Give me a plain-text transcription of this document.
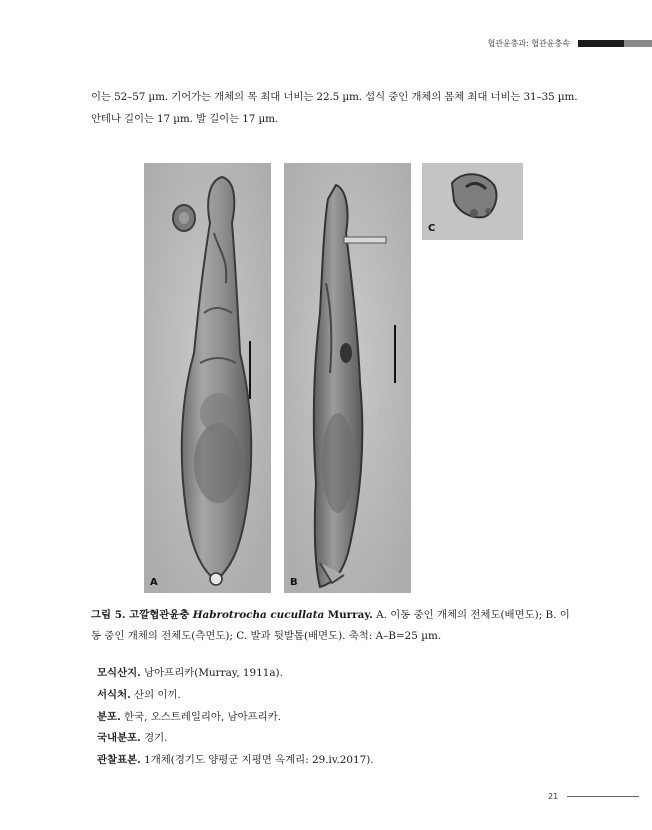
협관윤충과: 협관윤충속
이는 52–57 µm. 기어가는 개체의 목 최대 너비는 22.5 µm. 섭식 중인 개체의 몸체 최대 너비는 31–35 µm. 안테나 길이는 17 µm. 발 길이는 17 µm.
A	B
C
그림 5. 고깔협관윤충 Habrotrocha cucullata Murray. A. 이동 중인 개체의 전체도(배면도); B. 이동 중인 개체의 전체도(측면도); C. 발과 뒷발톱(배면도). 축척: A–B=25 µm.
모식산지. 남아프리카(Murray, 1911a).
서식처. 산의 이끼.
분포. 한국, 오스트레일리아, 남아프리카.
국내분포. 경기.
관찰표본. 1개체(경기도 양평군 지평면 옥계리: 29.iv.2017).
21
